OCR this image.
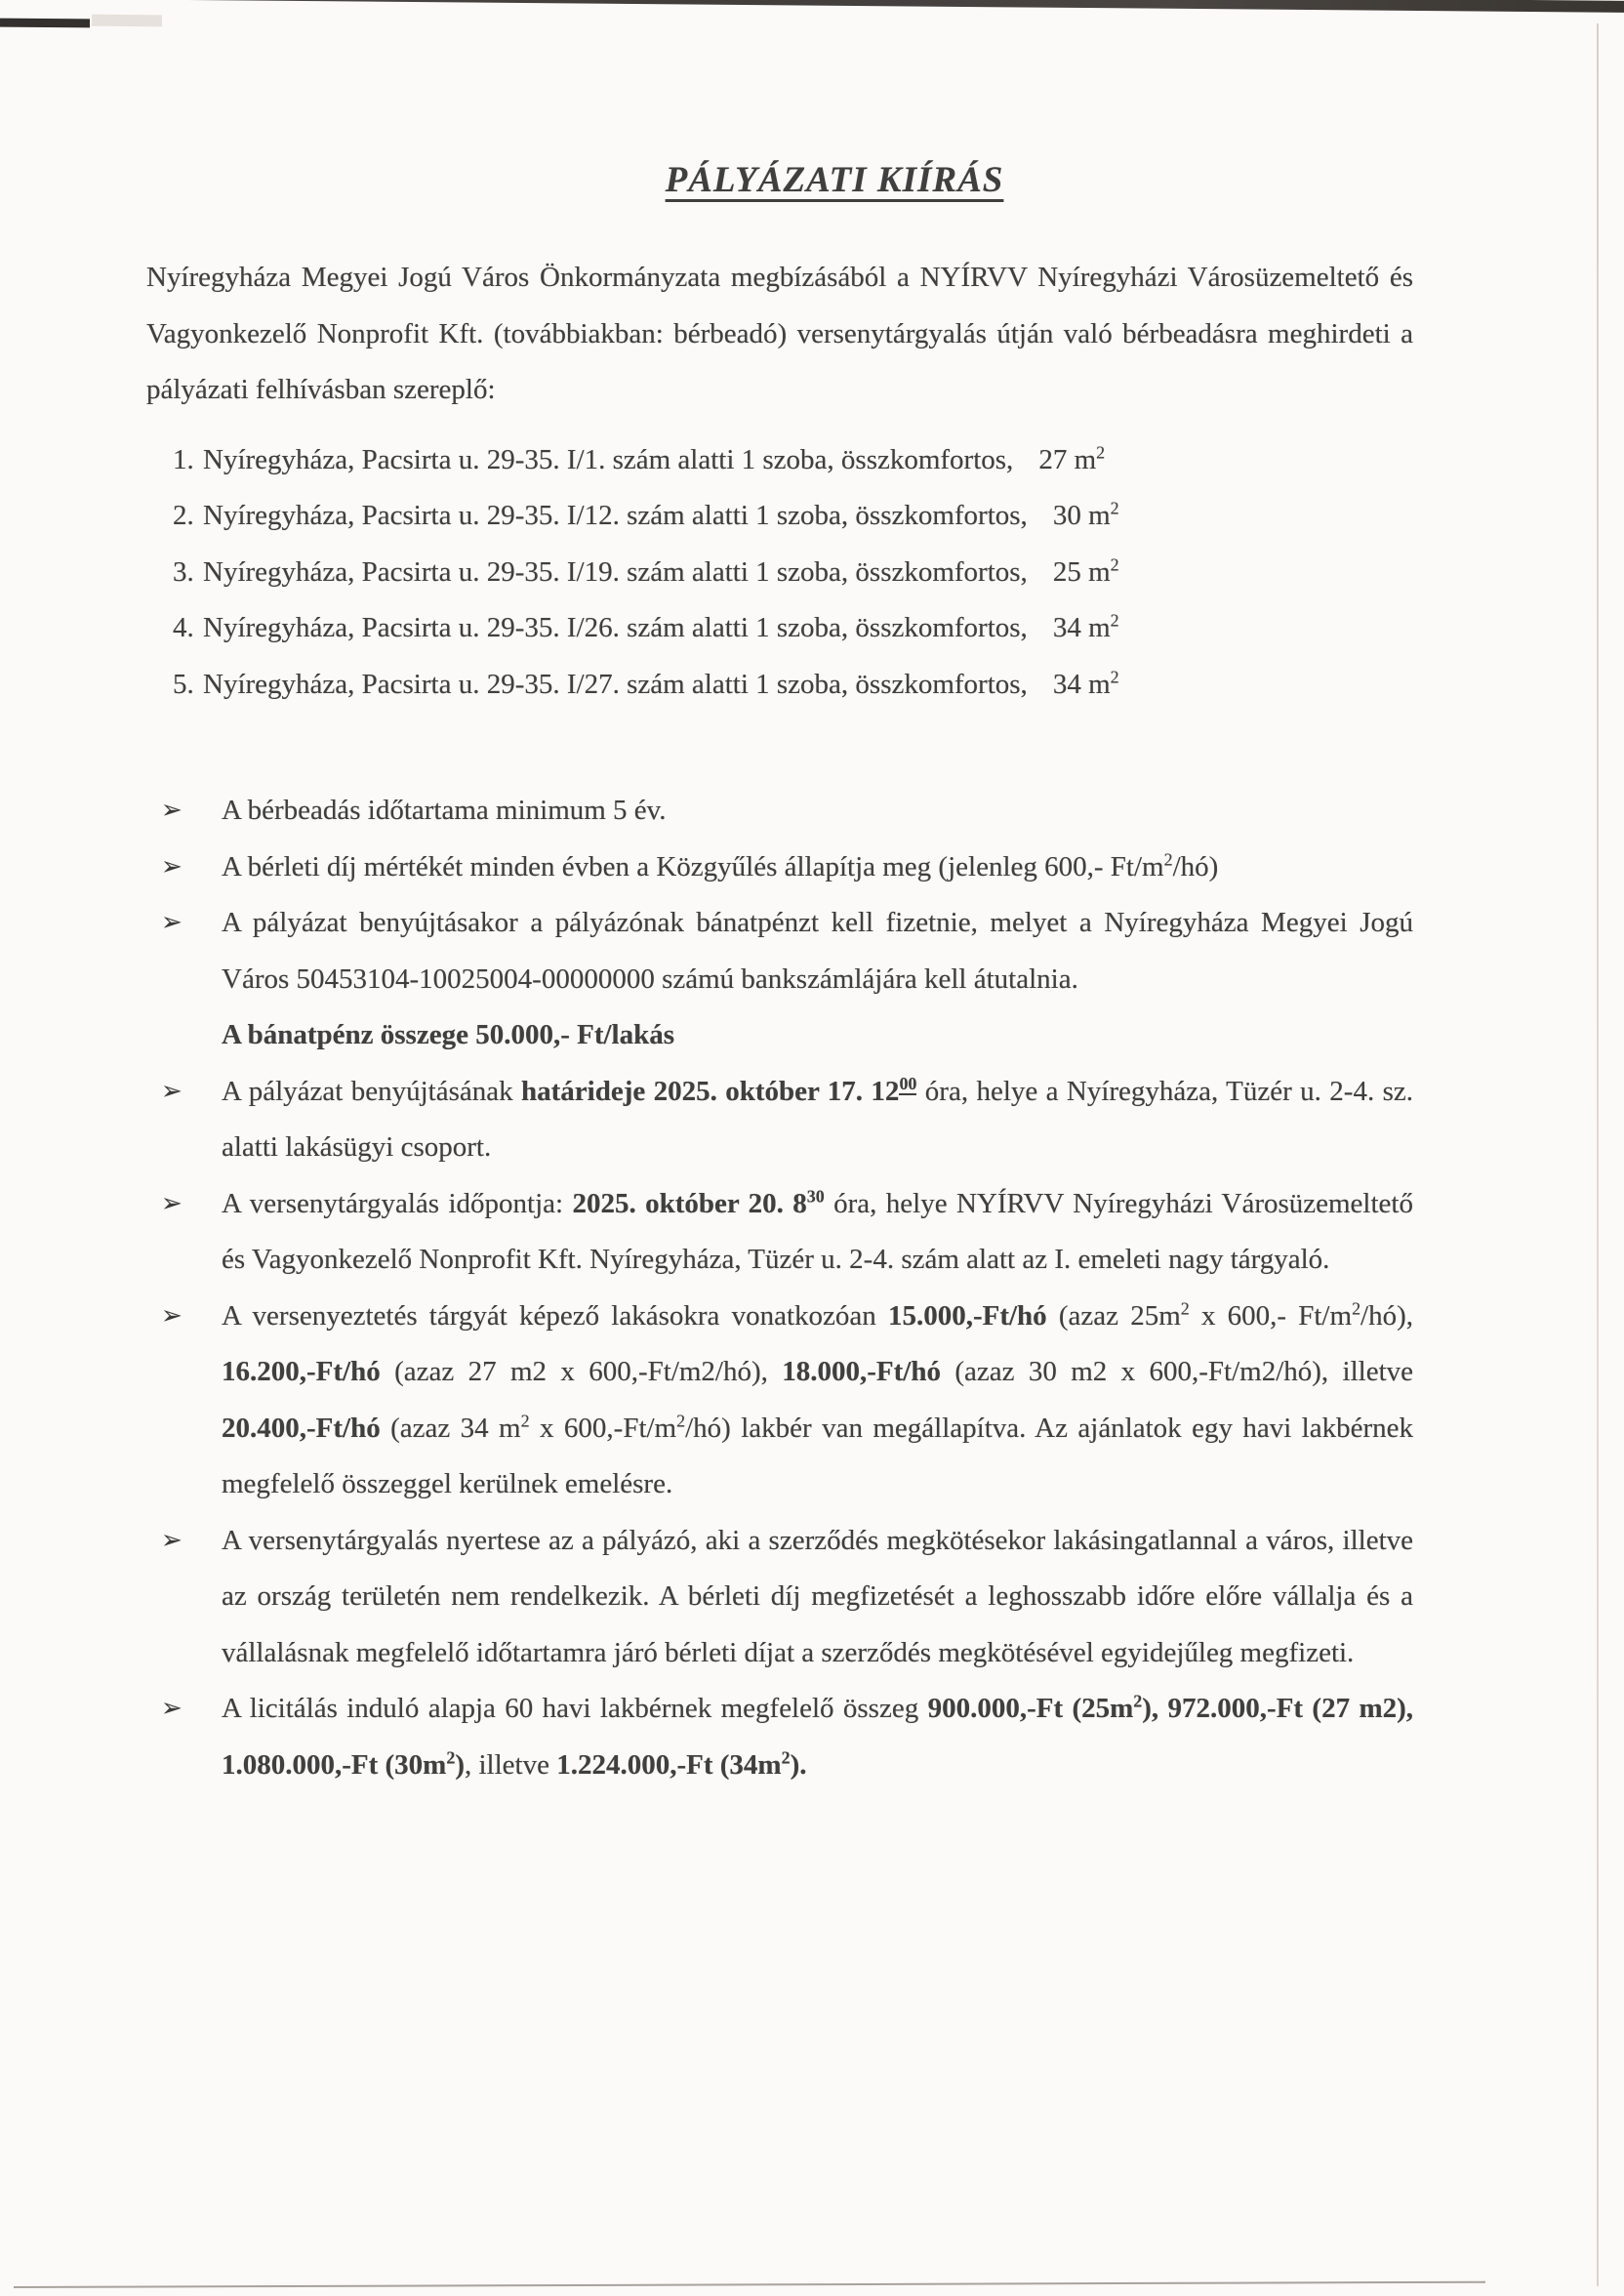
PÁLYÁZATI KIÍRÁS

Nyíregyháza Megyei Jogú Város Önkormányzata megbízásából a NYÍRVV Nyíregyházi Városüzemeltető és Vagyonkezelő Nonprofit Kft. (továbbiakban: bérbeadó) versenytárgyalás útján való bérbeadásra meghirdeti a pályázati felhívásban szereplő:

1. Nyíregyháza, Pacsirta u. 29-35. I/1. szám alatti 1 szoba, összkomfortos, 27 $m^2$
2. Nyíregyháza, Pacsirta u. 29-35. I/12. szám alatti 1 szoba, összkomfortos, 30 $m^2$
3. Nyíregyháza, Pacsirta u. 29-35. I/19. szám alatti 1 szoba, összkomfortos, 25 $m^2$
4. Nyíregyháza, Pacsirta u. 29-35. I/26. szám alatti 1 szoba, összkomfortos, 34 $m^2$
5. Nyíregyháza, Pacsirta u. 29-35. I/27. szám alatti 1 szoba, összkomfortos, 34 $m^2$
➢	A bérbeadás időtartama minimum 5 év.
➢	A bérleti díj mértékét minden évben a Közgyűlés állapítja meg (jelenleg 600,- $Ft/m^2/hó$)
➢	A pályázat benyújtásakor a pályázónak bánatpénzt kell fizetnie, melyet a Nyíregyháza Megyei Jogú Város 50453104-10025004-00000000 számú bankszámlájára kell átutalnia.
A bánatpénz összege 50.000,- Ft/lakás
➢	A pályázat benyújtásának határideje 2025. október 17. $12^{00}$ óra, helye a Nyíregyháza, Tüzér u. 2-4. sz. alatti lakásügyi csoport.
➢	A versenytárgyalás időpontja: 2025. október 20. $8^{30}$ óra, helye NYÍRVV Nyíregyházi Városüzemeltető és Vagyonkezelő Nonprofit Kft. Nyíregyháza, Tüzér u. 2-4. szám alatt az I. emeleti nagy tárgyaló.
➢	A versenyeztetés tárgyát képező lakásokra vonatkozóan 15.000,-Ft/hó (azaz $25m^2$ x 600,- $Ft/m^2/hó$), 16.200,-Ft/hó (azaz 27 m2 x 600,-Ft/m2/hó), 18.000,-Ft/hó (azaz 30 m2 x 600,-Ft/m2/hó), illetve 20.400,-Ft/hó (azaz 34 $m^2$ x $600,-Ft/m^2/hó$) lakbér van megállapítva. Az ajánlatok egy havi lakbérnek megfelelő összeggel kerülnek emelésre.
➢	A versenytárgyalás nyertese az a pályázó, aki a szerződés megkötésekor lakásingatlannal a város, illetve az ország területén nem rendelkezik. A bérleti díj megfizetését a leghosszabb időre előre vállalja és a vállalásnak megfelelő időtartamra járó bérleti díjat a szerződés megkötésével egyidejűleg megfizeti.
➢	A licitálás induló alapja 60 havi lakbérnek megfelelő összeg 900.000,-Ft $(25m^2)$, 972.000,-Ft (27 m2), 1.080.000,-Ft $(30m^2)$, illetve 1.224.000,-Ft $(34m^2)$.
